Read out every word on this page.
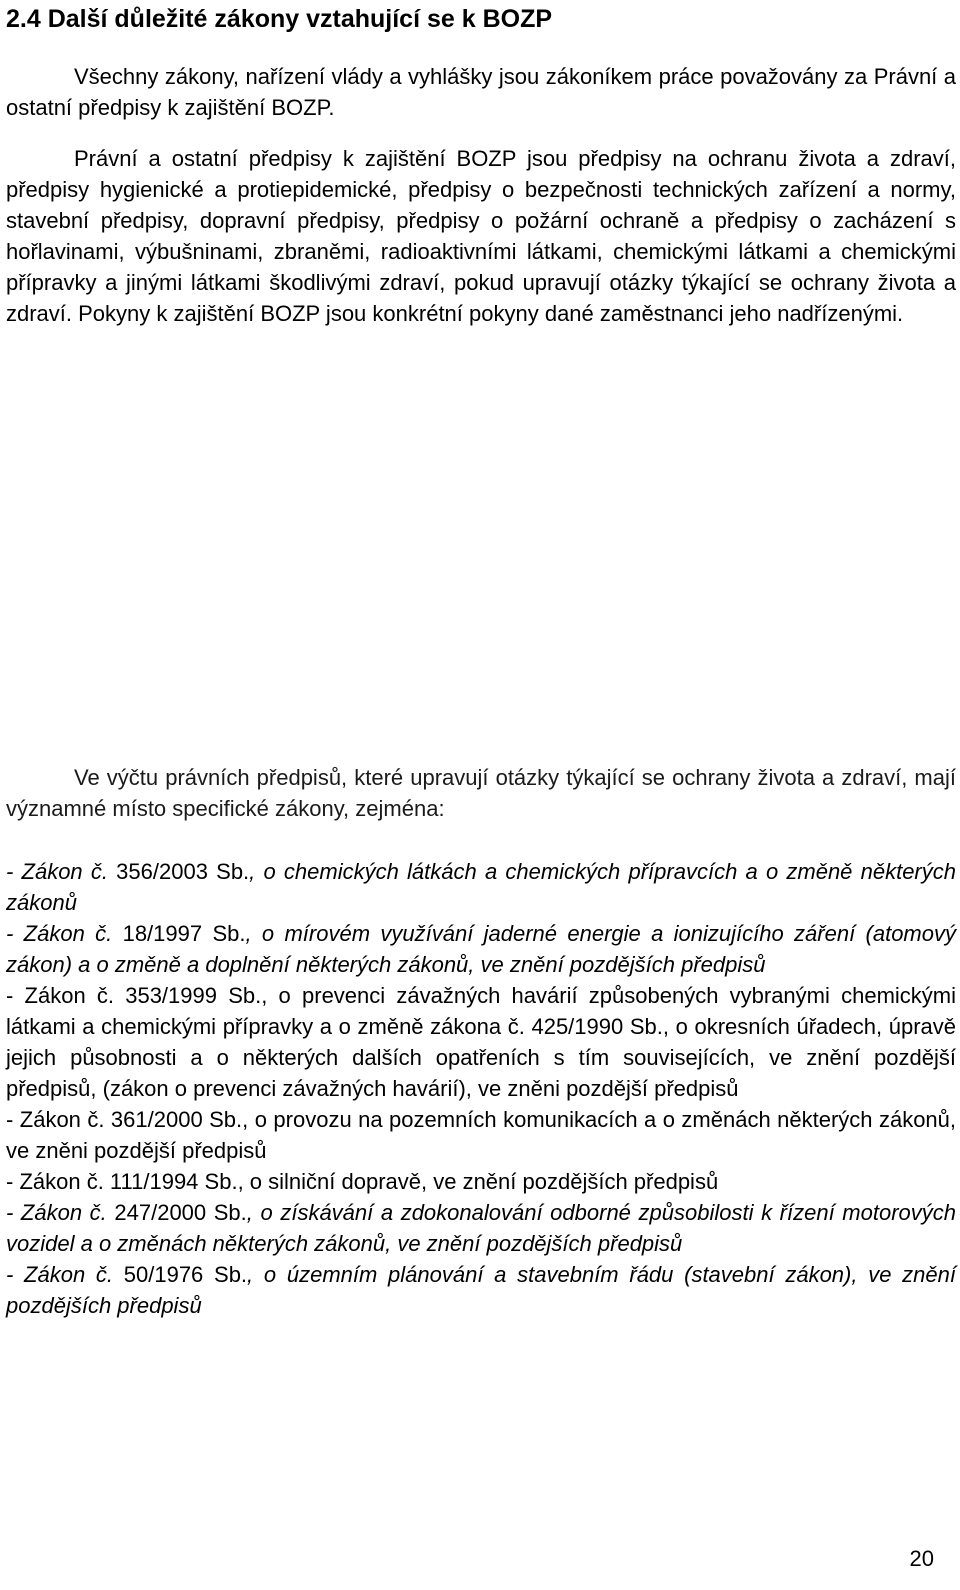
2.4 Další důležité zákony vztahující se k BOZP

Všechny zákony, nařízení vlády a vyhlášky jsou zákoníkem práce považovány za Právní a ostatní předpisy k zajištění BOZP.

Právní a ostatní předpisy k zajištění BOZP jsou předpisy na ochranu života a zdraví, předpisy hygienické a protiepidemické, předpisy o bezpečnosti technických zařízení a normy, stavební předpisy, dopravní předpisy, předpisy o požární ochraně a předpisy o zacházení s hořlavinami, výbušninami, zbraněmi, radioaktivními látkami, chemickými látkami a chemickými přípravky a jinými látkami škodlivými zdraví, pokud upravují otázky týkající se ochrany života a zdraví. Pokyny k zajištění BOZP jsou konkrétní pokyny dané zaměstnanci jeho nadřízenými.

Ve výčtu právních předpisů, které upravují otázky týkající se ochrany života a zdraví, mají významné místo specifické zákony, zejména:

- Zákon č. 356/2003 Sb., o chemických látkách a chemických přípravcích a o změně některých zákonů

- Zákon č. 18/1997 Sb., o mírovém využívání jaderné energie a ionizujícího záření (atomový zákon) a o změně a doplnění některých zákonů, ve znění pozdějších předpisů

- Zákon č. 353/1999 Sb., o prevenci závažných havárií způsobených vybranými chemickými látkami a chemickými přípravky a o změně zákona č. 425/1990 Sb., o okresních úřadech, úpravě jejich působnosti a o některých dalších opatřeních s tím souvisejících, ve znění pozdější předpisů, (zákon o prevenci závažných havárií), ve zněni pozdější předpisů

- Zákon č. 361/2000 Sb., o provozu na pozemních komunikacích a o změnách některých zákonů, ve zněni pozdější předpisů

- Zákon č. 111/1994 Sb., o silniční dopravě, ve znění pozdějších předpisů

- Zákon č. 247/2000 Sb., o získávání a zdokonalování odborné způsobilosti k řízení motorových vozidel a o změnách některých zákonů, ve znění pozdějších předpisů

- Zákon č. 50/1976 Sb., o územním plánování a stavebním řádu (stavební zákon), ve znění pozdějších předpisů

20
